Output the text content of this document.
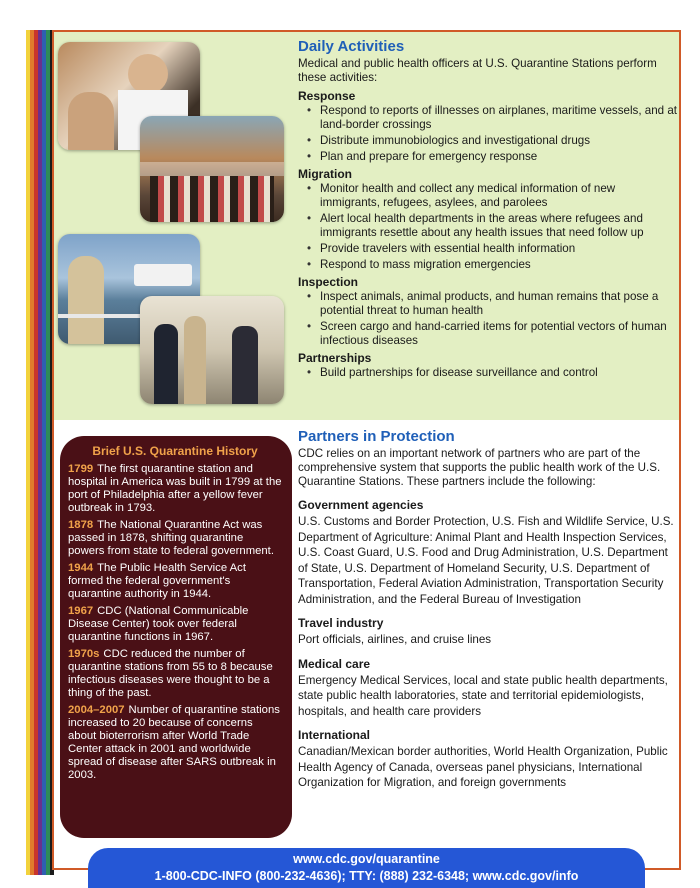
Daily Activities

Medical and public health officers at U.S. Quarantine Stations perform these activities:

Response
• Respond to reports of illnesses on airplanes, maritime vessels, and at land-border crossings
• Distribute immunobiologics and investigational drugs
• Plan and prepare for emergency response
Migration
• Monitor health and collect any medical information of new immigrants, refugees, asylees, and parolees
• Alert local health departments in the areas where refugees and immigrants resettle about any health issues that need follow up
• Provide travelers with essential health information
• Respond to mass migration emergencies
Inspection
• Inspect animals, animal products, and human remains that pose a potential threat to human health
• Screen cargo and hand-carried items for potential vectors of human infectious diseases
Partnerships
• Build partnerships for disease surveillance and control
Brief U.S. Quarantine History

1799 The first quarantine station and hospital in America was built in 1799 at the port of Philadelphia after a yellow fever outbreak in 1793.

1878 The National Quarantine Act was passed in 1878, shifting quarantine powers from state to federal government.

1944 The Public Health Service Act formed the federal government's quarantine authority in 1944.

1967 CDC (National Communicable Disease Center) took over federal quarantine functions in 1967.

1970s CDC reduced the number of quarantine stations from 55 to 8 because infectious diseases were thought to be a thing of the past.

2004–2007 Number of quarantine stations increased to 20 because of concerns about bioterrorism after World Trade Center attack in 2001 and worldwide spread of disease after SARS outbreak in 2003.

Partners in Protection

CDC relies on an important network of partners who are part of the comprehensive system that supports the public health work of the U.S. Quarantine Stations. These partners include the following:

Government agencies

U.S. Customs and Border Protection, U.S. Fish and Wildlife Service, U.S. Department of Agriculture: Animal Plant and Health Inspection Services, U.S. Coast Guard, U.S. Food and Drug Administration, U.S. Department of State, U.S. Department of Homeland Security, U.S. Department of Transportation, Federal Aviation Administration, Transportation Security Administration, and the Federal Bureau of Investigation

Travel industry

Port officials, airlines, and cruise lines

Medical care

Emergency Medical Services, local and state public health departments, state public health laboratories, state and territorial epidemiologists, hospitals, and health care providers

International

Canadian/Mexican border authorities, World Health Organization, Public Health Agency of Canada, overseas panel physicians, International Organization for Migration, and foreign governments

www.cdc.gov/quarantine
1-800-CDC-INFO (800-232-4636); TTY: (888) 232-6348; www.cdc.gov/info
